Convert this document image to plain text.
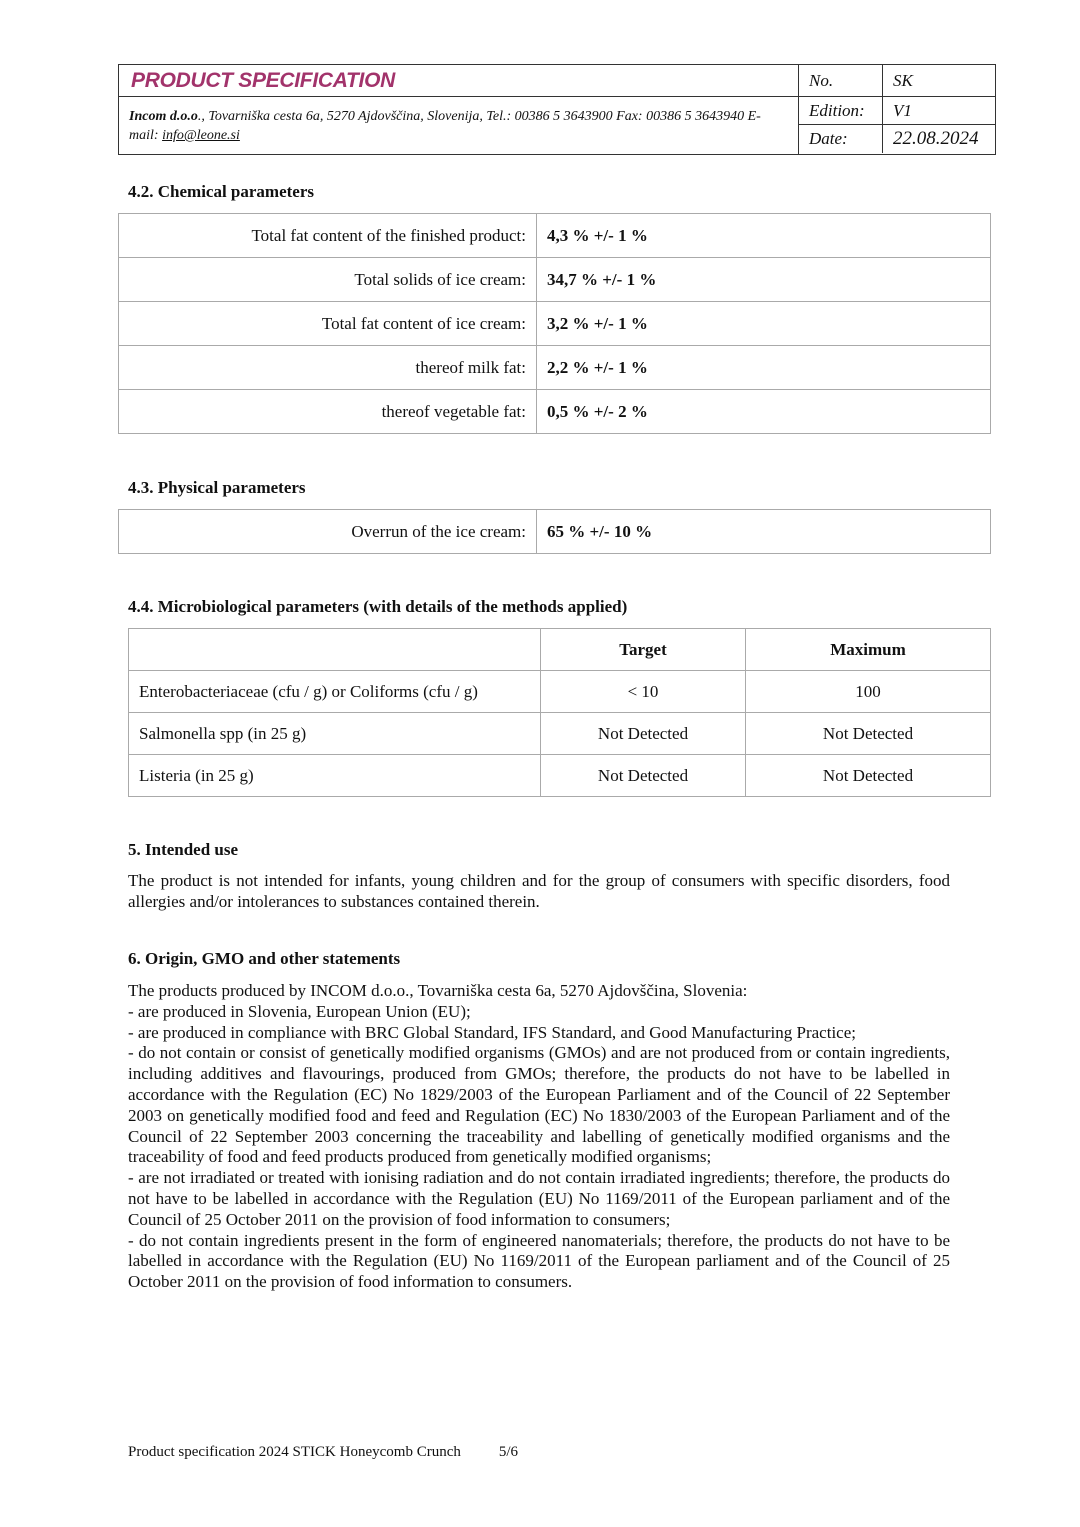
PRODUCT SPECIFICATION
Incom d.o.o., Tovarniška cesta 6a, 5270 Ajdovščina, Slovenija, Tel.: 00386 5 3643900 Fax: 00386 5 3643940 E-mail: info@leone.si
No.	SK
Edition:	V1
Date:	22.08.2024
4.2. Chemical parameters
Total fat content of the finished product:	4,3 % +/- 1 %
Total solids of ice cream:	34,7 % +/- 1 %
Total fat content of ice cream:	3,2 % +/- 1 %
thereof milk fat:	2,2 % +/- 1 %
thereof vegetable fat:	0,5 % +/- 2 %
4.3. Physical parameters
Overrun of the ice cream:	65 % +/- 10 %
4.4. Microbiological parameters (with details of the methods applied)
	Target	Maximum
Enterobacteriaceae (cfu / g) or Coliforms (cfu / g)	< 10	100
Salmonella spp (in 25 g)	Not Detected	Not Detected
Listeria (in 25 g)	Not Detected	Not Detected
5. Intended use
The product is not intended for infants, young children and for the group of consumers with specific disorders, food allergies and/or intolerances to substances contained therein.
6. Origin, GMO and other statements
The products produced by INCOM d.o.o., Tovarniška cesta 6a, 5270 Ajdovščina, Slovenia:
- are produced in Slovenia, European Union (EU);
- are produced in compliance with BRC Global Standard, IFS Standard, and Good Manufacturing Practice;
- do not contain or consist of genetically modified organisms (GMOs) and are not produced from or contain ingredients, including additives and flavourings, produced from GMOs; therefore, the products do not have to be labelled in accordance with the Regulation (EC) No 1829/2003 of the European Parliament and of the Council of 22 September 2003 on genetically modified food and feed and Regulation (EC) No 1830/2003 of the European Parliament and of the Council of 22 September 2003 concerning the traceability and labelling of genetically modified organisms and the traceability of food and feed products produced from genetically modified organisms;
- are not irradiated or treated with ionising radiation and do not contain irradiated ingredients; therefore, the products do not have to be labelled in accordance with the Regulation (EU) No 1169/2011 of the European parliament and of the Council of 25 October 2011 on the provision of food information to consumers;
- do not contain ingredients present in the form of engineered nanomaterials; therefore, the products do not have to be labelled in accordance with the Regulation (EU) No 1169/2011 of the European parliament and of the Council of 25 October 2011 on the provision of food information to consumers.
Product specification 2024 STICK Honeycomb Crunch	5/6
